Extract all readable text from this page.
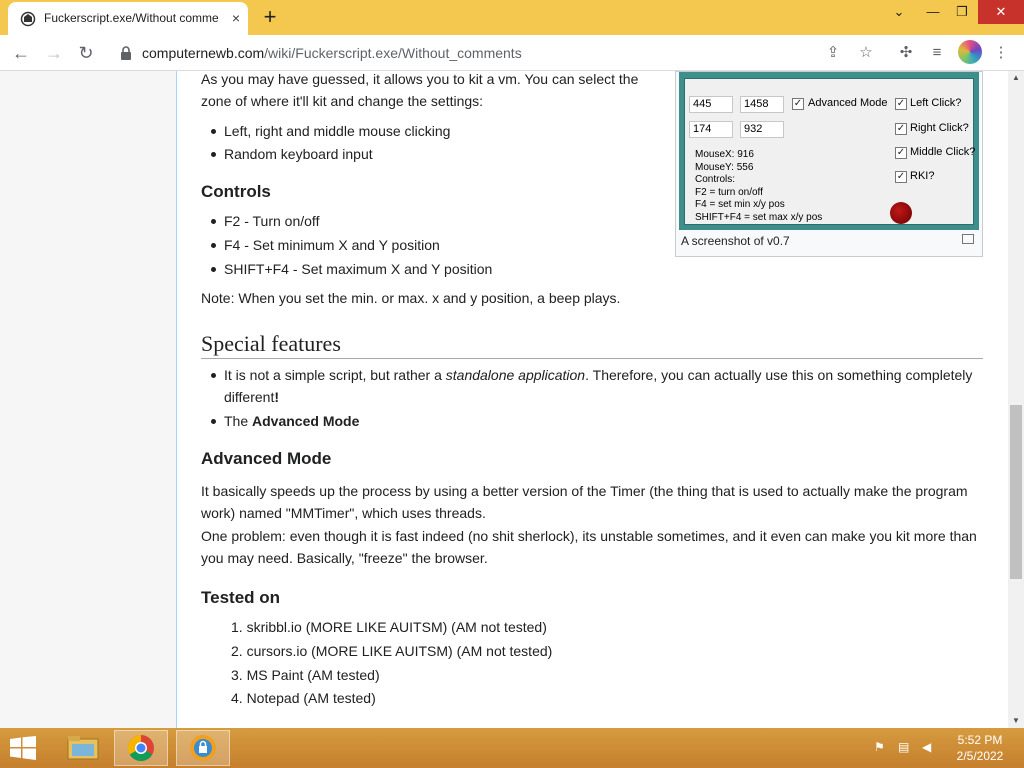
Fuckerscript.exe/Without comme × +	⌄	—	❐	✕
← → ↻	computernewb.com/wiki/Fuckerscript.exe/Without_comments	⇪	☆	✣	≡	⋮
As you may have guessed, it allows you to kit a vm. You can select the
zone of where it'll kit and change the settings:
Left, right and middle mouse clicking
Random keyboard input
Controls
F2 - Turn on/off
F4 - Set minimum X and Y position
SHIFT+F4 - Set maximum X and Y position
Note: When you set the min. or max. x and y position, a beep plays.
Special features
It is not a simple script, but rather a standalone application. Therefore, you can actually use this on something completely
different!
The Advanced Mode
Advanced Mode
It basically speeds up the process by using a better version of the Timer (the thing that is used to actually make the program
work) named "MMTimer", which uses threads.
One problem: even though it is fast indeed (no shit sherlock), its unstable sometimes, and it even can make you kit more than
you may need. Basically, "freeze" the browser.
Tested on
1. skribbl.io (MORE LIKE AUITSM) (AM not tested)
2. cursors.io (MORE LIKE AUITSM) (AM not tested)
3. MS Paint (AM tested)
4. Notepad (AM tested)
445	1458
174	932
✓ Advanced Mode ✓ Left Click?
✓ Right Click?
✓ Middle Click?
✓ RKI?
MouseX: 916
MouseY: 556
Controls:
F2 = turn on/off
F4 = set min x/y pos
SHIFT+F4 = set max x/y pos
A screenshot of v0.7
▲
▼
⚑ ▤ ◀	5:52 PM
2/5/2022
